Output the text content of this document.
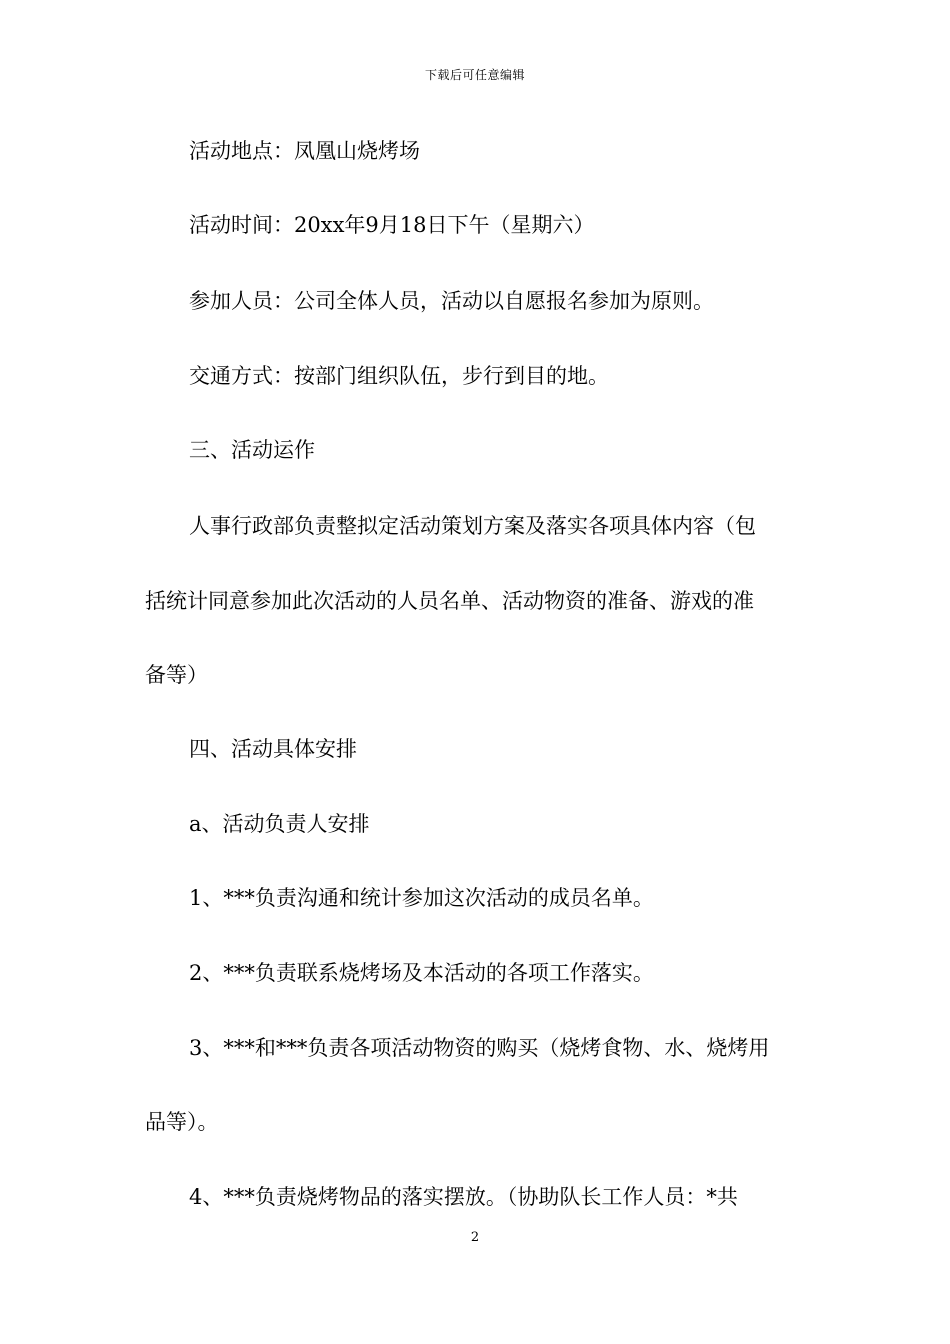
下载后可任意编辑
活动地点：凤凰山烧烤场
活动时间：20xx年9月18日下午（星期六）
参加人员：公司全体人员，活动以自愿报名参加为原则。
交通方式：按部门组织队伍，步行到目的地。
三、活动运作
人事行政部负责整拟定活动策划方案及落实各项具体内容（包
括统计同意参加此次活动的人员名单、活动物资的准备、游戏的准
备等）
四、活动具体安排
a、活动负责人安排
1、***负责沟通和统计参加这次活动的成员名单。
2、***负责联系烧烤场及本活动的各项工作落实。
3、***和***负责各项活动物资的购买（烧烤食物、水、烧烤用
品等）。
4、***负责烧烤物品的落实摆放。（协助队长工作人员：*共
2
